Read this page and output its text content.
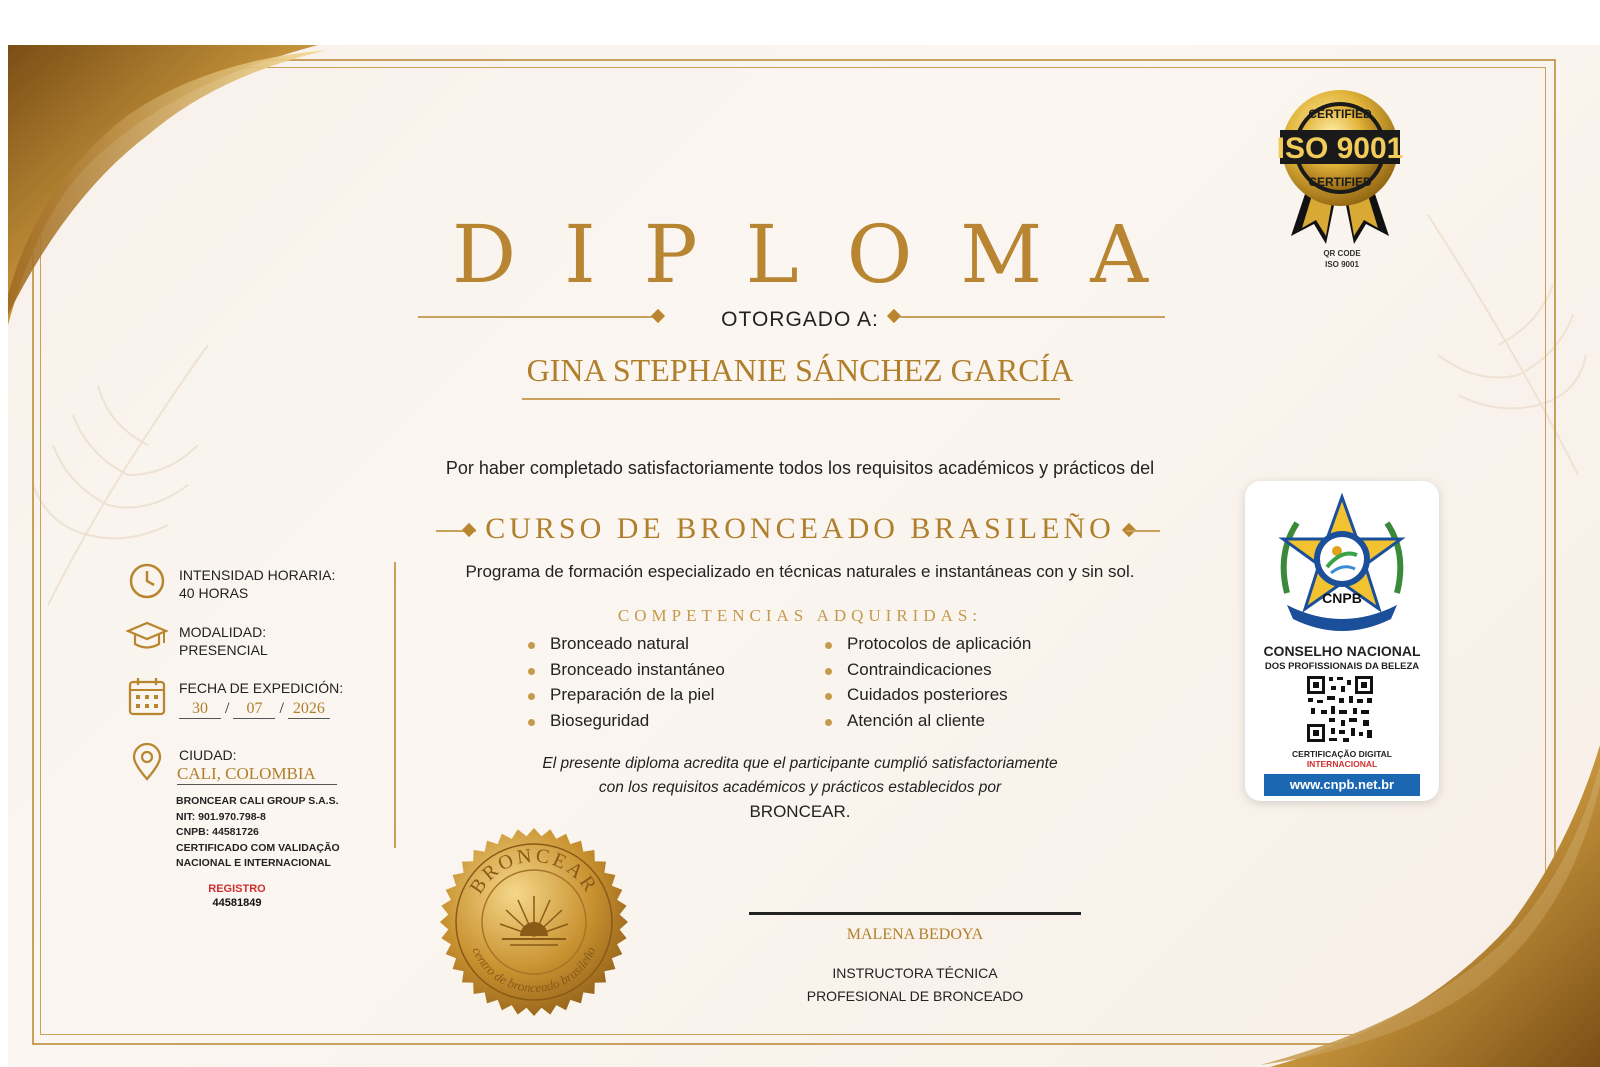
DIPLOMA
OTORGADO A:
GINA STEPHANIE SÁNCHEZ GARCÍA
Por haber completado satisfactoriamente todos los requisitos académicos y prácticos del
CURSO DE BRONCEADO BRASILEÑO
Programa de formación especializado en técnicas naturales e instantáneas con y sin sol.
COMPETENCIAS ADQUIRIDAS:
Bronceado natural
Bronceado instantáneo
Preparación de la piel
Bioseguridad
Protocolos de aplicación
Contraindicaciones
Cuidados posteriores
Atención al cliente
El presente diploma acredita que el participante cumplió satisfactoriamente
con los requisitos académicos y prácticos establecidos por
BRONCEAR.
INTENSIDAD HORARIA:
40 HORAS
MODALIDAD:
PRESENCIAL
FECHA DE EXPEDICIÓN:
30 / 07 / 2026
CIUDAD:
CALI, COLOMBIA
BRONCEAR CALI GROUP S.A.S.
NIT: 901.970.798-8
CNPB: 44581726
CERTIFICADO COM VALIDAÇÃO
NACIONAL E INTERNACIONAL
REGISTRO
44581849
ISO 9001
CERTIFIED
CERTIFIED
QR CODE
ISO 9001
CNPB
CONSELHO NACIONAL
DOS PROFISSIONAIS DA BELEZA
CERTIFICAÇÃO DIGITAL
INTERNACIONAL
www.cnpb.net.br
BRONCEAR
centro de bronceado brasileño
MALENA BEDOYA
INSTRUCTORA TÉCNICA
PROFESIONAL DE BRONCEADO
